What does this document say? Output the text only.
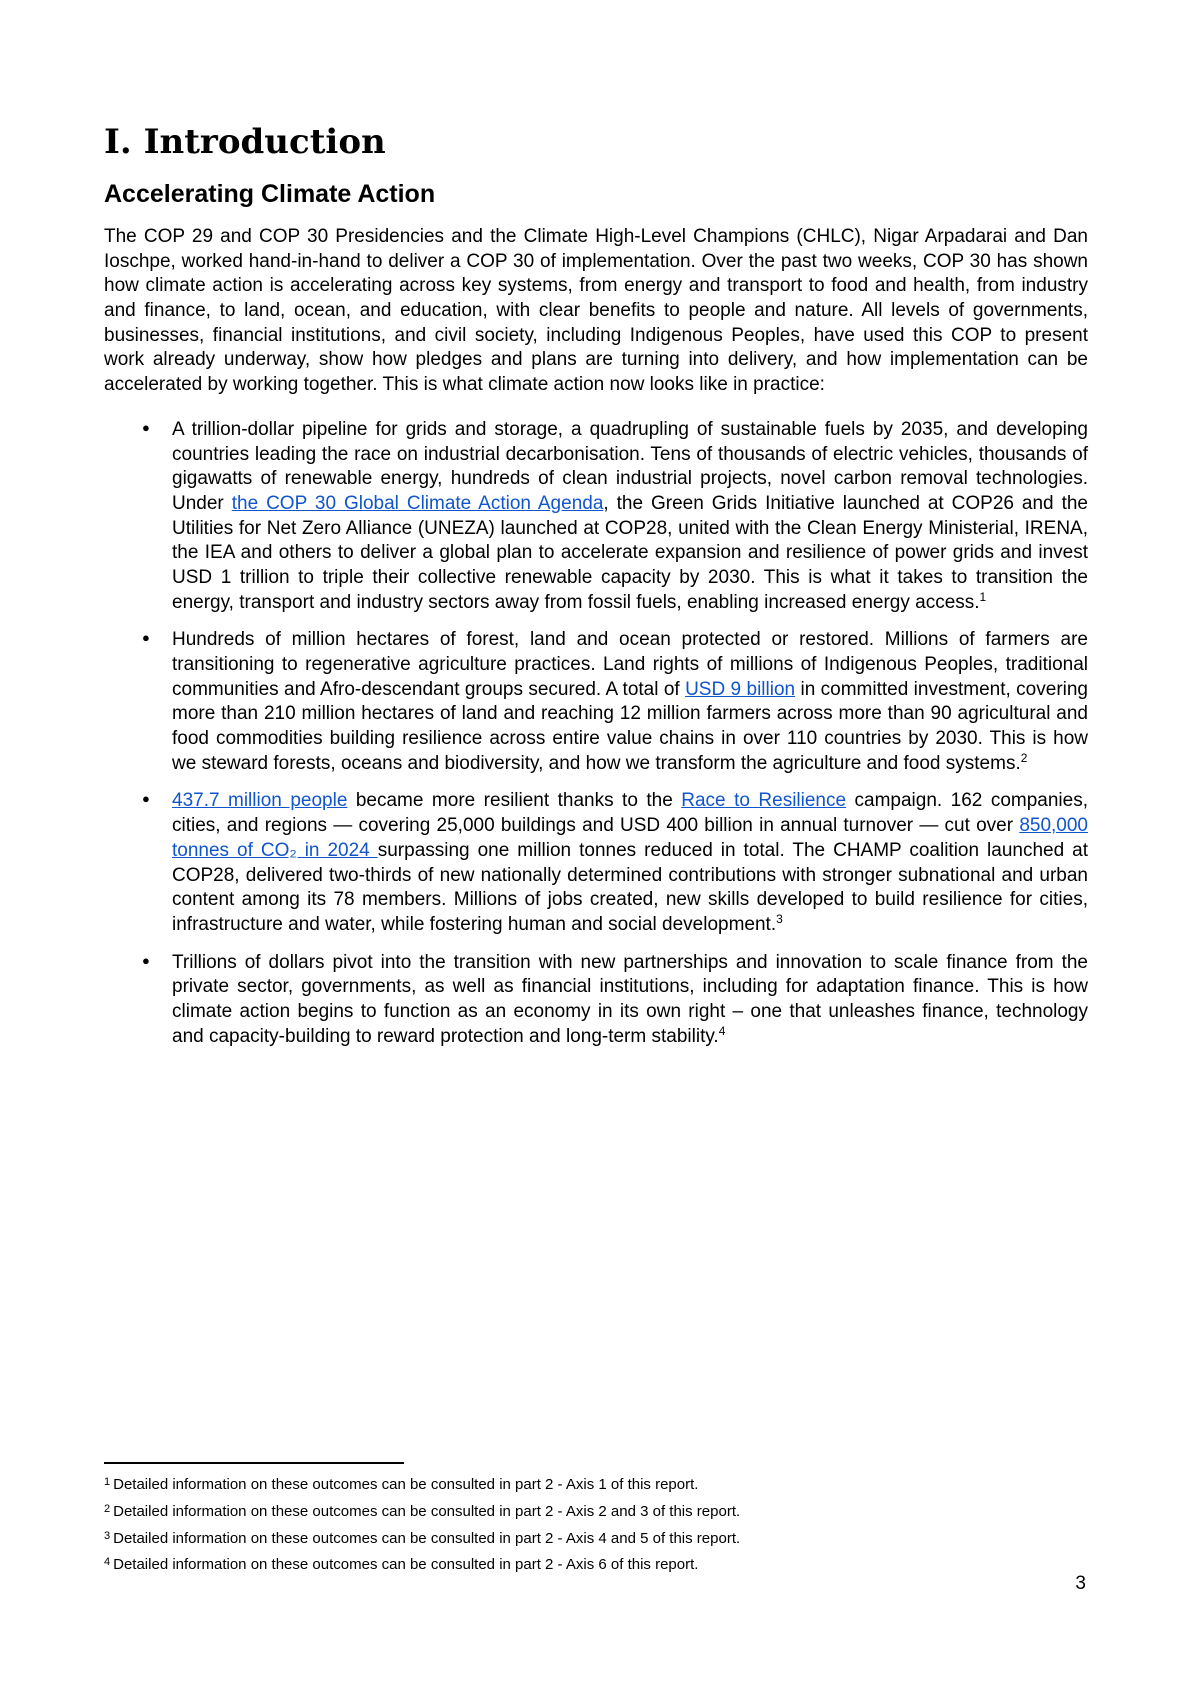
I. Introduction
Accelerating Climate Action

The COP 29 and COP 30 Presidencies and the Climate High-Level Champions (CHLC), Nigar Arpadarai and Dan Ioschpe, worked hand-in-hand to deliver a COP 30 of implementation. Over the past two weeks, COP 30 has shown how climate action is accelerating across key systems, from energy and transport to food and health, from industry and finance, to land, ocean, and education, with clear benefits to people and nature. All levels of governments, businesses, financial institutions, and civil society, including Indigenous Peoples, have used this COP to present work already underway, show how pledges and plans are turning into delivery, and how implementation can be accelerated by working together. This is what climate action now looks like in practice:

● A trillion-dollar pipeline for grids and storage, a quadrupling of sustainable fuels by 2035, and developing countries leading the race on industrial decarbonisation. Tens of thousands of electric vehicles, thousands of gigawatts of renewable energy, hundreds of clean industrial projects, novel carbon removal technologies. Under the COP 30 Global Climate Action Agenda, the Green Grids Initiative launched at COP26 and the Utilities for Net Zero Alliance (UNEZA) launched at COP28, united with the Clean Energy Ministerial, IRENA, the IEA and others to deliver a global plan to accelerate expansion and resilience of power grids and invest USD 1 trillion to triple their collective renewable capacity by 2030. This is what it takes to transition the energy, transport and industry sectors away from fossil fuels, enabling increased energy access.$^1$
● Hundreds of million hectares of forest, land and ocean protected or restored. Millions of farmers are transitioning to regenerative agriculture practices. Land rights of millions of Indigenous Peoples, traditional communities and Afro-descendant groups secured. A total of USD 9 billion in committed investment, covering more than 210 million hectares of land and reaching 12 million farmers across more than 90 agricultural and food commodities building resilience across entire value chains in over 110 countries by 2030. This is how we steward forests, oceans and biodiversity, and how we transform the agriculture and food systems.$^2$
● 437.7 million people became more resilient thanks to the Race to Resilience campaign. 162 companies, cities, and regions — covering 25,000 buildings and USD 400 billion in annual turnover — cut over 850,000 tonnes of CO₂ in 2024 surpassing one million tonnes reduced in total. The CHAMP coalition launched at COP28, delivered two-thirds of new nationally determined contributions with stronger subnational and urban content among its 78 members. Millions of jobs created, new skills developed to build resilience for cities, infrastructure and water, while fostering human and social development.$^3$
● Trillions of dollars pivot into the transition with new partnerships and innovation to scale finance from the private sector, governments, as well as financial institutions, including for adaptation finance. This is how climate action begins to function as an economy in its own right – one that unleashes finance, technology and capacity-building to reward protection and long-term stability.$^4$
$^1$ Detailed information on these outcomes can be consulted in part 2 - Axis 1 of this report.
$^2$ Detailed information on these outcomes can be consulted in part 2 - Axis 2 and 3 of this report.
$^3$ Detailed information on these outcomes can be consulted in part 2 - Axis 4 and 5 of this report.
$^4$ Detailed information on these outcomes can be consulted in part 2 - Axis 6 of this report.
3
